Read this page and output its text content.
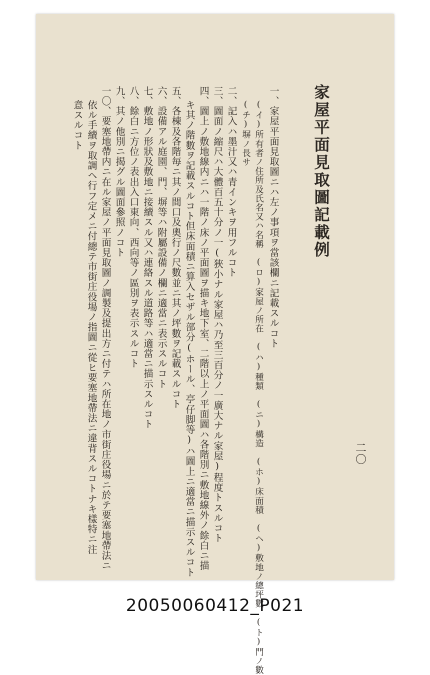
二〇
家屋平面見取圖記載例
一、家屋平面見取圖ニハ左ノ事項ヲ當該欄ニ記載スルコト
(イ)所有者ノ住所及氏名又ハ名稱　(ロ)家屋ノ所在　(ハ)種類　(ニ)構造　(ホ)床面積　(ヘ)敷地ノ總坪數　(ト)門ノ數
(チ)塀ノ長サ
二、記入ハ墨汁又ハ青インキヲ用フルコト
三、圖面ノ縮尺ハ大體百五十分ノ一(狹小ナル家屋ハ乃至三百分ノ一廣大ナル家屋)程度トスルコト
四、圖上ノ敷地線内ニハ一階ノ床ノ平面圖ヲ描キ地下室、二階以上ノ平面圖ハ各階別ニ敷地線外ノ餘白ニ描
キ其ノ階數ヲ記載スルコト但床面積ニ算入セザル部分(ホール、亭仔脚等)ハ圖上ニ適當ニ描示スルコト
五、各棟及各階毎ニ其ノ間口及奧行ノ尺數並ニ其ノ坪數ヲ記載スルコト
六、設備アル庭園、門、塀等ハ附屬設備ノ欄ニ適當ニ表示スルコト
七、敷地ノ形狀及敷地ニ接續スル又ハ連絡スル道路等ハ適當ニ描示スルコト
八、餘白ニ方位ノ表出入口東向、西向等ノ區別ヲ表示スルコト
九、其ノ他別ニ揭グル圖面參照ノコト
一〇、要塞地帶内ニ在ル家屋ノ平面見取圖ノ調製及提出方ニ付テハ所在地ノ市街庄役場ニ於テ要塞地帶法ニ
依ル手續ヲ取調ヘ行フ定メニ付總テ市街庄役場ノ指圖ニ從ヒ要塞地帶法ニ違背スルコトナキ樣特ニ注
意スルコト
20050060412_P021
